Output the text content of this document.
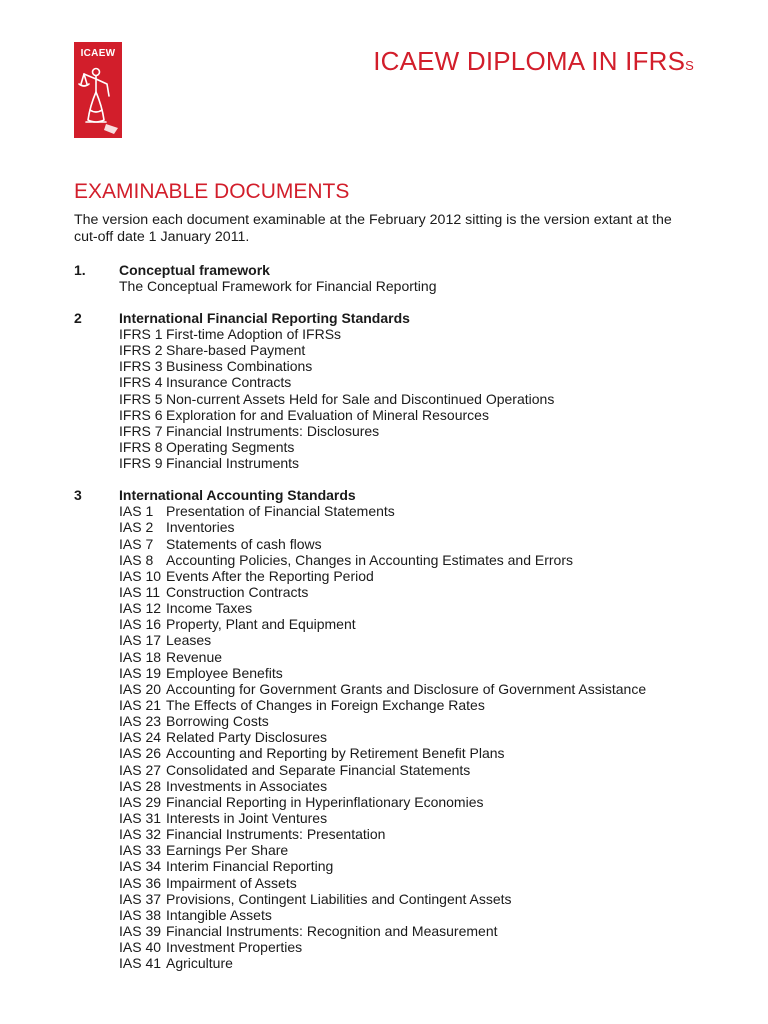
ICAEW	ICAEW DIPLOMA IN IFRSS
EXAMINABLE DOCUMENTS
The version each document examinable at the February 2012 sitting is the version extant at the cut-off date 1 January 2011.
1.	Conceptual framework
The Conceptual Framework for Financial Reporting
2	International Financial Reporting Standards
IFRS 1 First-time Adoption of IFRSs
IFRS 2 Share-based Payment
IFRS 3 Business Combinations
IFRS 4 Insurance Contracts
IFRS 5 Non-current Assets Held for Sale and Discontinued Operations
IFRS 6 Exploration for and Evaluation of Mineral Resources
IFRS 7 Financial Instruments: Disclosures
IFRS 8 Operating Segments
IFRS 9 Financial Instruments
3	International Accounting Standards
IAS 1 Presentation of Financial Statements
IAS 2 Inventories
IAS 7 Statements of cash flows
IAS 8 Accounting Policies, Changes in Accounting Estimates and Errors
IAS 10 Events After the Reporting Period
IAS 11 Construction Contracts
IAS 12 Income Taxes
IAS 16 Property, Plant and Equipment
IAS 17 Leases
IAS 18 Revenue
IAS 19 Employee Benefits
IAS 20 Accounting for Government Grants and Disclosure of Government Assistance
IAS 21 The Effects of Changes in Foreign Exchange Rates
IAS 23 Borrowing Costs
IAS 24 Related Party Disclosures
IAS 26 Accounting and Reporting by Retirement Benefit Plans
IAS 27 Consolidated and Separate Financial Statements
IAS 28 Investments in Associates
IAS 29 Financial Reporting in Hyperinflationary Economies
IAS 31 Interests in Joint Ventures
IAS 32 Financial Instruments: Presentation
IAS 33 Earnings Per Share
IAS 34 Interim Financial Reporting
IAS 36 Impairment of Assets
IAS 37 Provisions, Contingent Liabilities and Contingent Assets
IAS 38 Intangible Assets
IAS 39 Financial Instruments: Recognition and Measurement
IAS 40 Investment Properties
IAS 41 Agriculture
